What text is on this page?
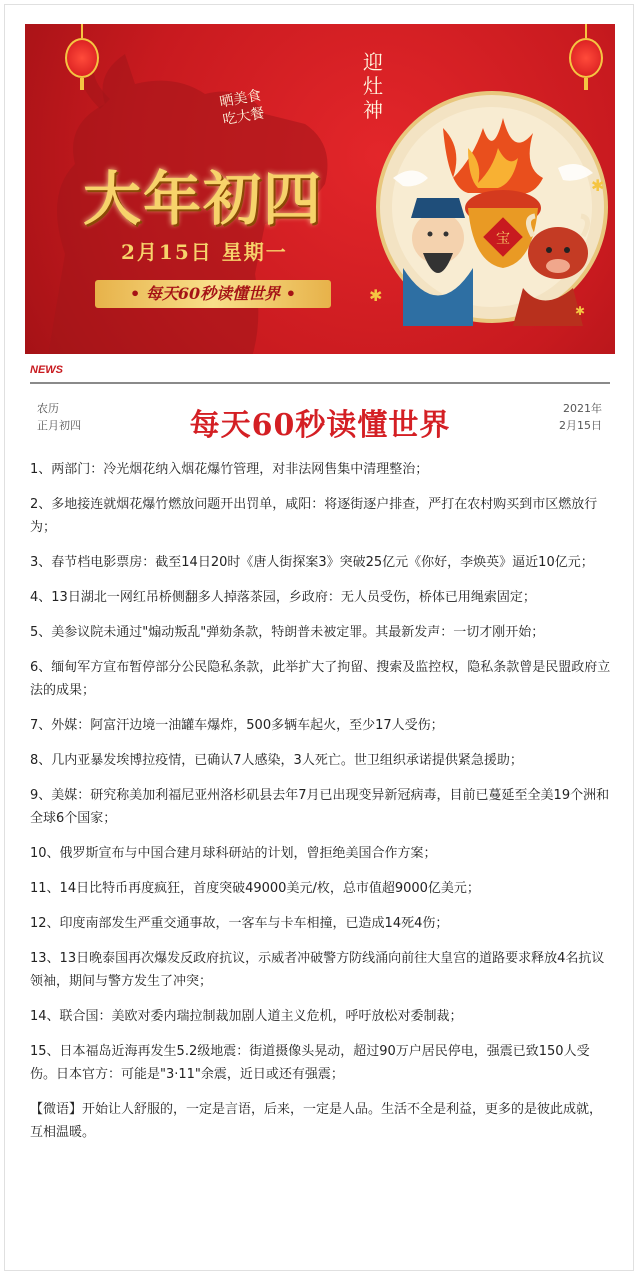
晒美食
吃大餐
大年初四
2月15日 星期一
• 每天60秒读懂世界 •
迎
灶
神
宝
✱
✱
✱
NEWS
农历
正月初四	每天60秒读懂世界	2021年
2月15日

1、两部门：冷光烟花纳入烟花爆竹管理，对非法网售集中清理整治；

2、多地接连就烟花爆竹燃放问题开出罚单，咸阳：将逐街逐户排查，严打在农村购买到市区燃放行为；

3、春节档电影票房：截至14日20时《唐人街探案3》突破25亿元《你好，李焕英》逼近10亿元；

4、13日湖北一网红吊桥侧翻多人掉落茶园，乡政府：无人员受伤，桥体已用绳索固定；

5、美参议院未通过"煽动叛乱"弹劾条款，特朗普未被定罪。其最新发声：一切才刚开始；

6、缅甸军方宣布暂停部分公民隐私条款，此举扩大了拘留、搜索及监控权，隐私条款曾是民盟政府立法的成果；

7、外媒：阿富汗边境一油罐车爆炸，500多辆车起火，至少17人受伤；

8、几内亚暴发埃博拉疫情，已确认7人感染，3人死亡。世卫组织承诺提供紧急援助；

9、美媒：研究称美加利福尼亚州洛杉矶县去年7月已出现变异新冠病毒，目前已蔓延至全美19个洲和全球6个国家；

10、俄罗斯宣布与中国合建月球科研站的计划，曾拒绝美国合作方案；

11、14日比特币再度疯狂，首度突破49000美元/枚，总市值超9000亿美元；

12、印度南部发生严重交通事故，一客车与卡车相撞，已造成14死4伤；

13、13日晚泰国再次爆发反政府抗议，示威者冲破警方防线涌向前往大皇宫的道路要求释放4名抗议领袖，期间与警方发生了冲突；

14、联合国：美欧对委内瑞拉制裁加剧人道主义危机，呼吁放松对委制裁；

15、日本福岛近海再发生5.2级地震：街道摄像头晃动，超过90万户居民停电，强震已致150人受伤。日本官方：可能是"3·11"余震，近日或还有强震；

【微语】开始让人舒服的，一定是言语，后来，一定是人品。生活不全是利益，更多的是彼此成就，互相温暖。
